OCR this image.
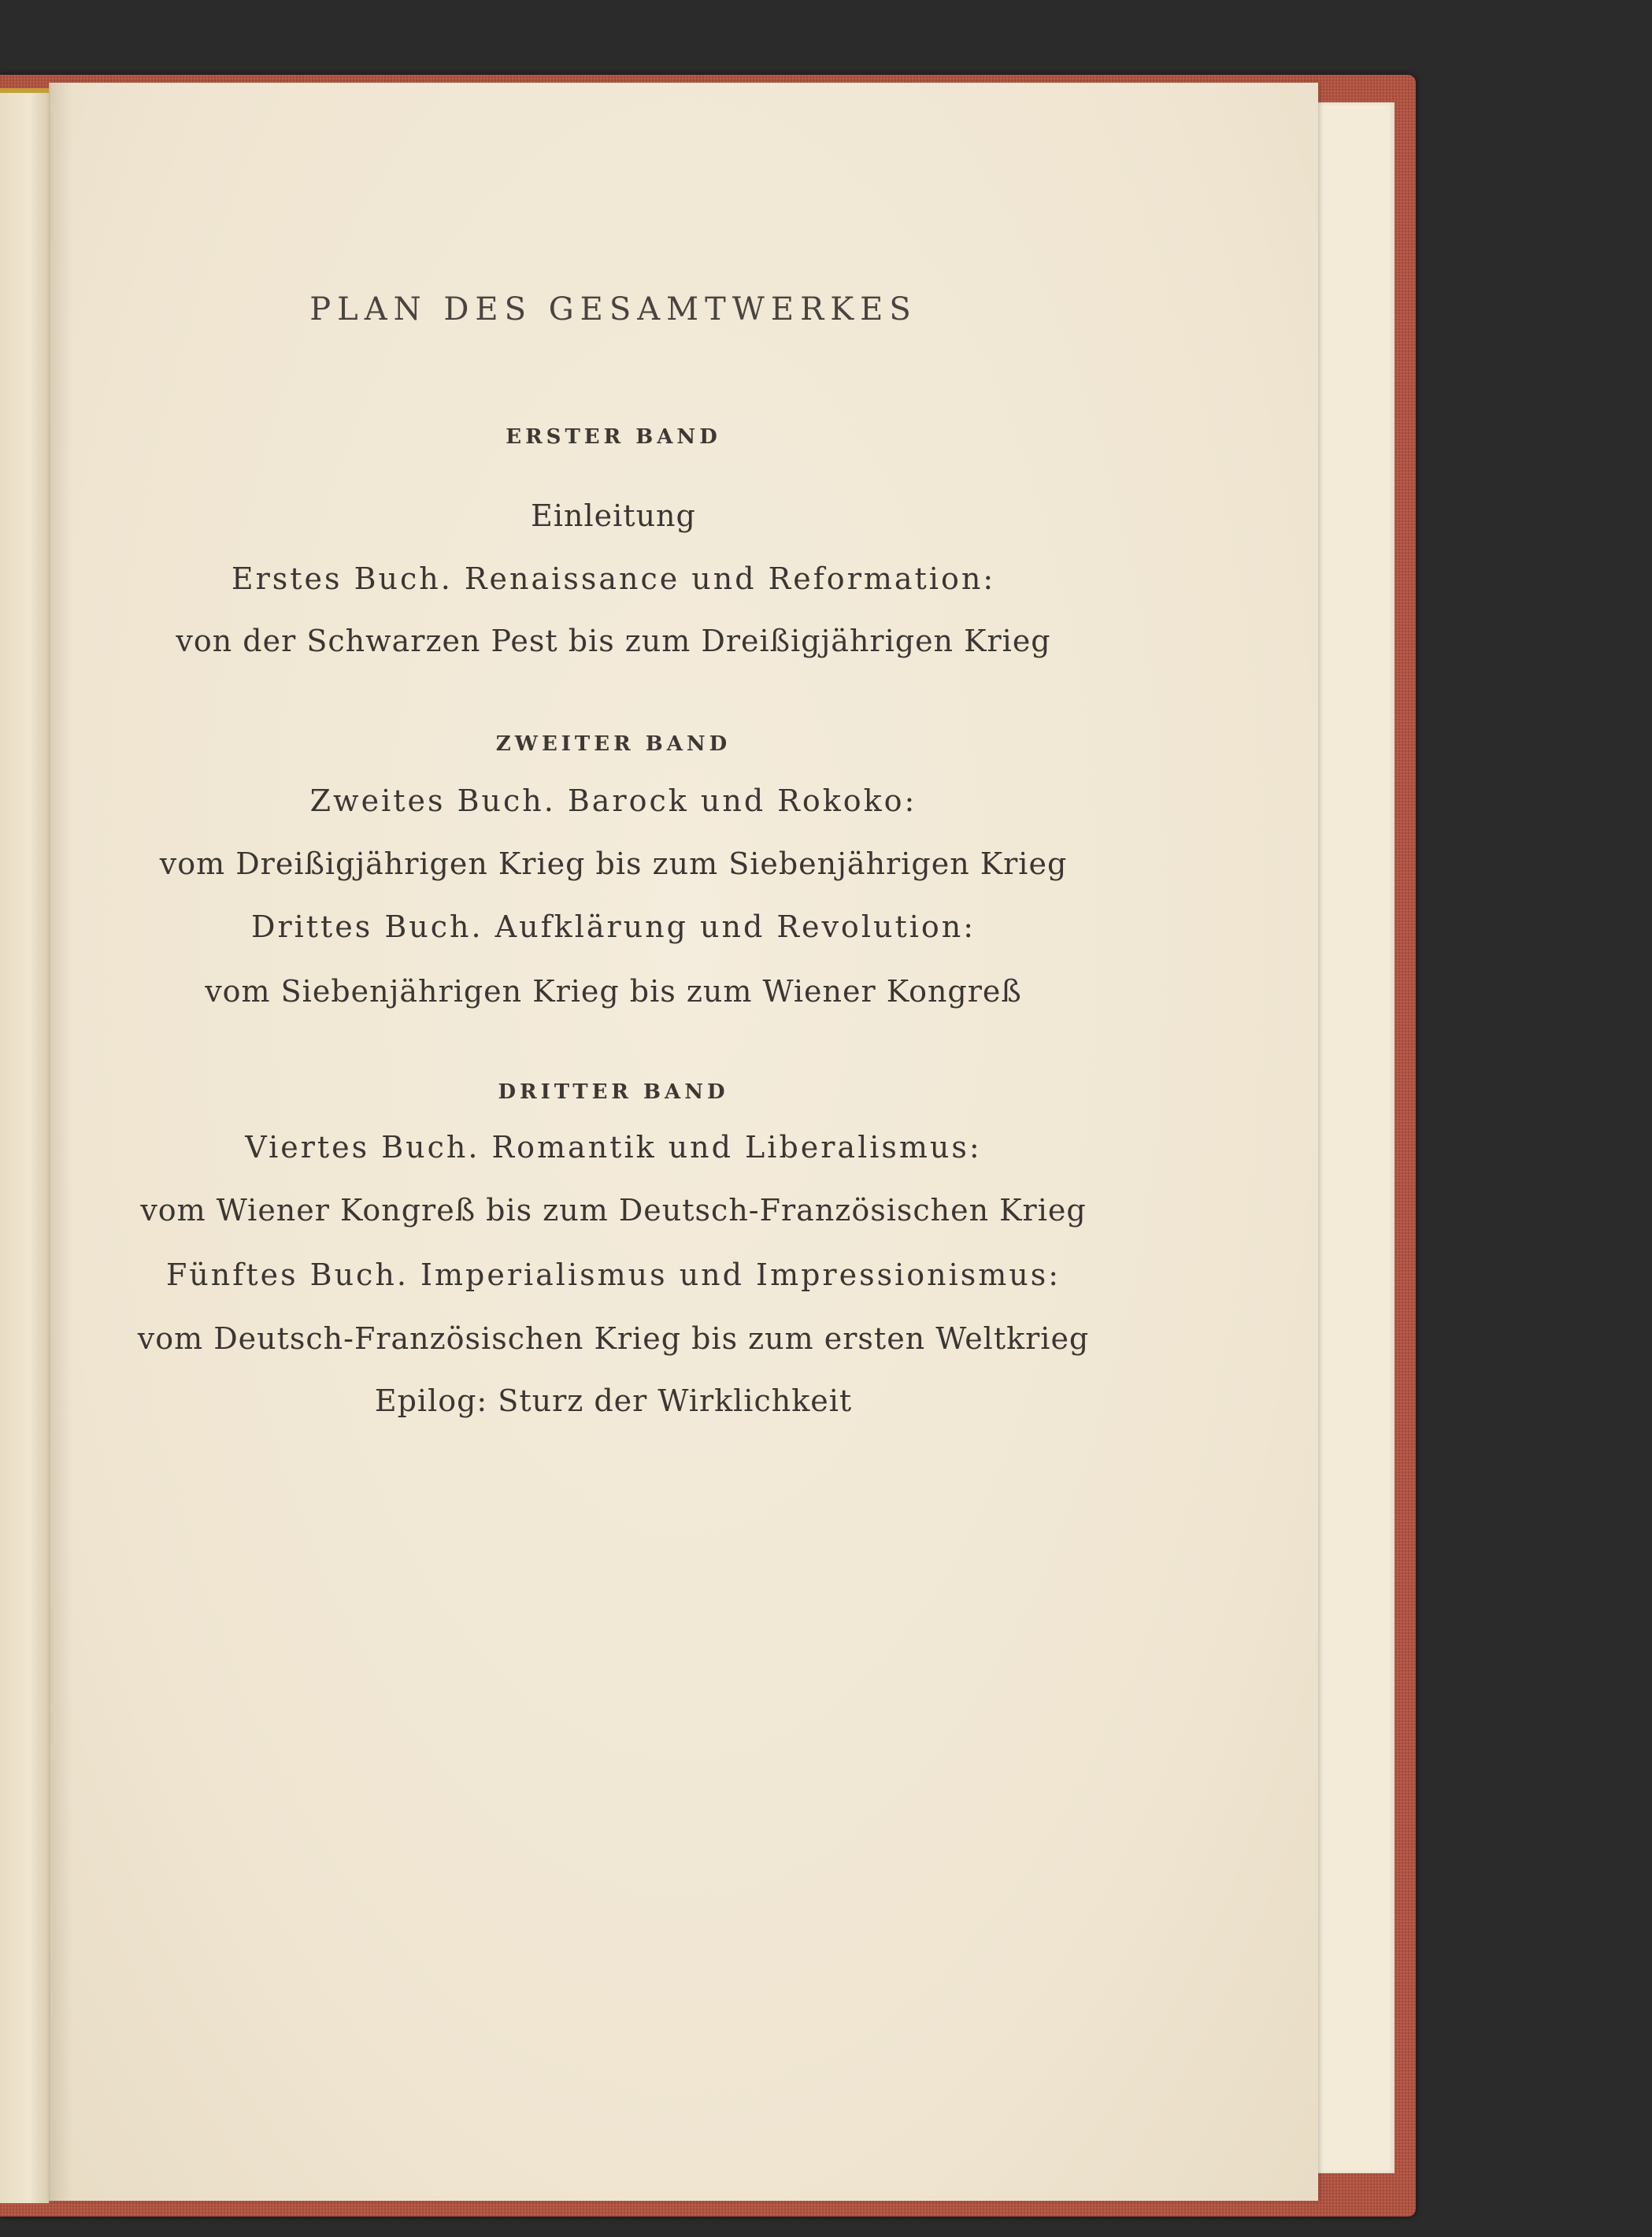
PLAN DES GESAMTWERKES
ERSTER BAND
Einleitung
Erstes Buch. Renaissance und Reformation:
von der Schwarzen Pest bis zum Dreißigjährigen Krieg
ZWEITER BAND
Zweites Buch. Barock und Rokoko:
vom Dreißigjährigen Krieg bis zum Siebenjährigen Krieg
Drittes Buch. Aufklärung und Revolution:
vom Siebenjährigen Krieg bis zum Wiener Kongreß
DRITTER BAND
Viertes Buch. Romantik und Liberalismus:
vom Wiener Kongreß bis zum Deutsch-Französischen Krieg
Fünftes Buch. Imperialismus und Impressionismus:
vom Deutsch-Französischen Krieg bis zum ersten Weltkrieg
Epilog: Sturz der Wirklichkeit
